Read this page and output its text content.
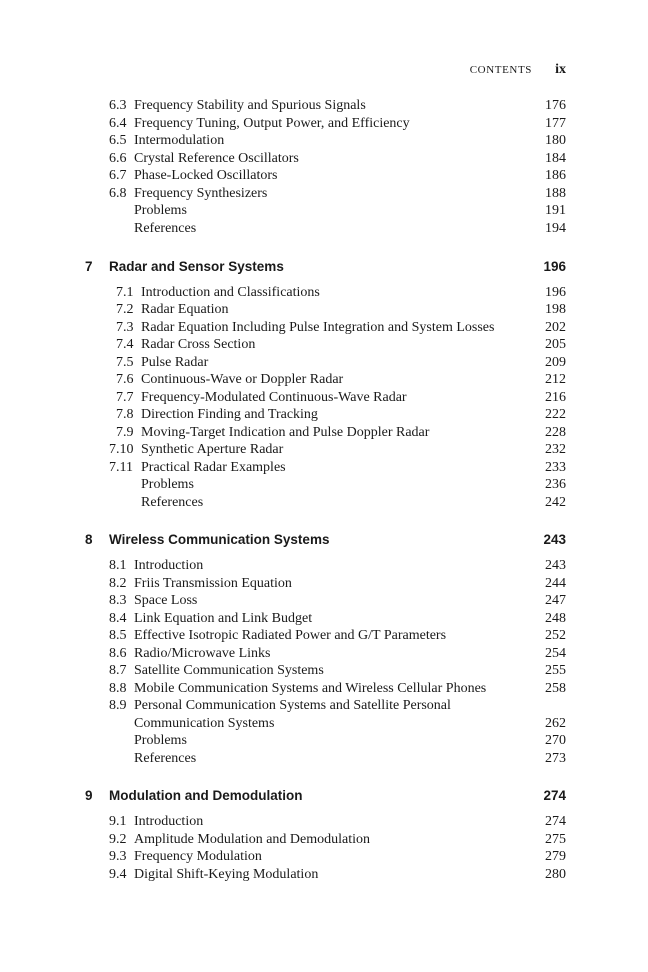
CONTENTS ix
6.3 Frequency Stability and Spurious Signals	176
6.4 Frequency Tuning, Output Power, and Efficiency	177
6.5 Intermodulation	180
6.6 Crystal Reference Oscillators	184
6.7 Phase-Locked Oscillators	186
6.8 Frequency Synthesizers	188
Problems	191
References	194
7 Radar and Sensor Systems	196
7.1 Introduction and Classifications	196
7.2 Radar Equation	198
7.3 Radar Equation Including Pulse Integration and System Losses	202
7.4 Radar Cross Section	205
7.5 Pulse Radar	209
7.6 Continuous-Wave or Doppler Radar	212
7.7 Frequency-Modulated Continuous-Wave Radar	216
7.8 Direction Finding and Tracking	222
7.9 Moving-Target Indication and Pulse Doppler Radar	228
7.10 Synthetic Aperture Radar	232
7.11 Practical Radar Examples	233
Problems	236
References	242
8 Wireless Communication Systems	243
8.1 Introduction	243
8.2 Friis Transmission Equation	244
8.3 Space Loss	247
8.4 Link Equation and Link Budget	248
8.5 Effective Isotropic Radiated Power and G/T Parameters	252
8.6 Radio/Microwave Links	254
8.7 Satellite Communication Systems	255
8.8 Mobile Communication Systems and Wireless Cellular Phones	258
8.9 Personal Communication Systems and Satellite Personal
Communication Systems	262
Problems	270
References	273
9 Modulation and Demodulation	274
9.1 Introduction	274
9.2 Amplitude Modulation and Demodulation	275
9.3 Frequency Modulation	279
9.4 Digital Shift-Keying Modulation	280
